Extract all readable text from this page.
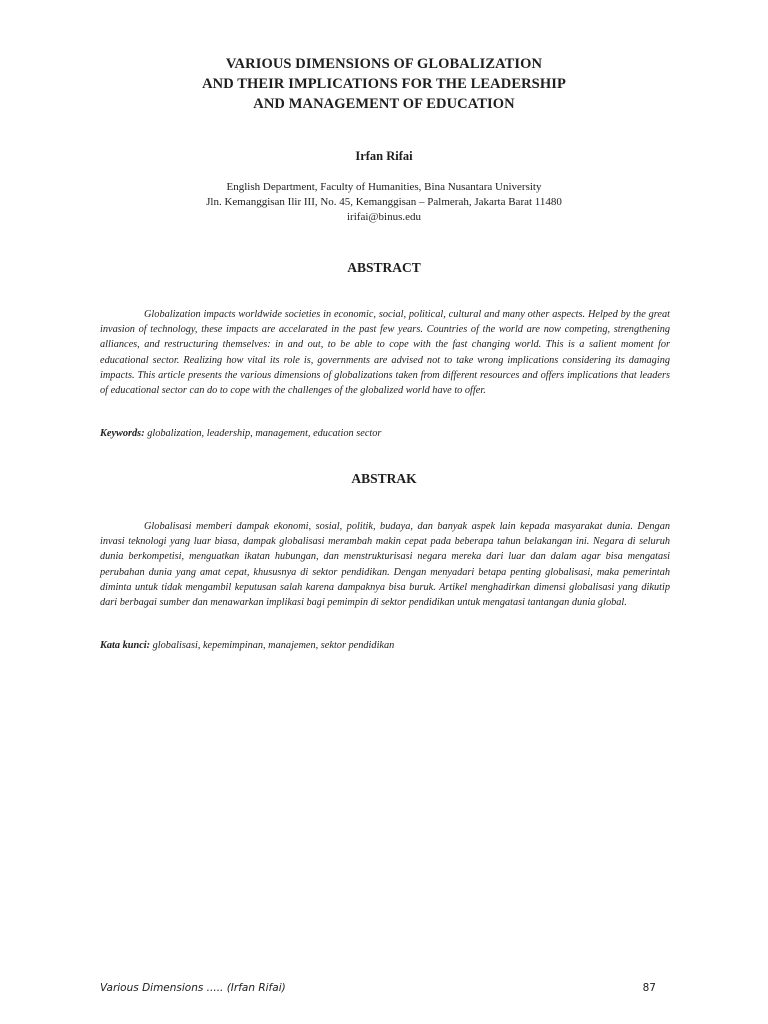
VARIOUS DIMENSIONS OF GLOBALIZATION
AND THEIR IMPLICATIONS FOR THE LEADERSHIP
AND MANAGEMENT OF EDUCATION
Irfan Rifai
English Department, Faculty of Humanities, Bina Nusantara University
Jln. Kemanggisan Ilir III, No. 45, Kemanggisan – Palmerah, Jakarta Barat 11480
irifai@binus.edu
ABSTRACT

Globalization impacts worldwide societies in economic, social, political, cultural and many other aspects. Helped by the great invasion of technology, these impacts are accelarated in the past few years. Countries of the world are now competing, strengthening alliances, and restructuring themselves: in and out, to be able to cope with the fast changing world. This is a salient moment for educational sector. Realizing how vital its role is, governments are advised not to take wrong implications considering its damaging impacts. This article presents the various dimensions of globalizations taken from different resources and offers implications that leaders of educational sector can do to cope with the challenges of the globalized world have to offer.

Keywords: globalization, leadership, management, education sector
ABSTRAK

Globalisasi memberi dampak ekonomi, sosial, politik, budaya, dan banyak aspek lain kepada masyarakat dunia. Dengan invasi teknologi yang luar biasa, dampak globalisasi merambah makin cepat pada beberapa tahun belakangan ini. Negara di seluruh dunia berkompetisi, menguatkan ikatan hubungan, dan menstrukturisasi negara mereka dari luar dan dalam agar bisa mengatasi perubahan dunia yang amat cepat, khususnya di sektor pendidikan. Dengan menyadari betapa penting globalisasi, maka pemerintah diminta untuk tidak mengambil keputusan salah karena dampaknya bisa buruk. Artikel menghadirkan dimensi globalisasi yang dikutip dari berbagai sumber dan menawarkan implikasi bagi pemimpin di sektor pendidikan untuk mengatasi tantangan dunia global.

Kata kunci: globalisasi, kepemimpinan, manajemen, sektor pendidikan
Various Dimensions ..... (Irfan Rifai)	87
